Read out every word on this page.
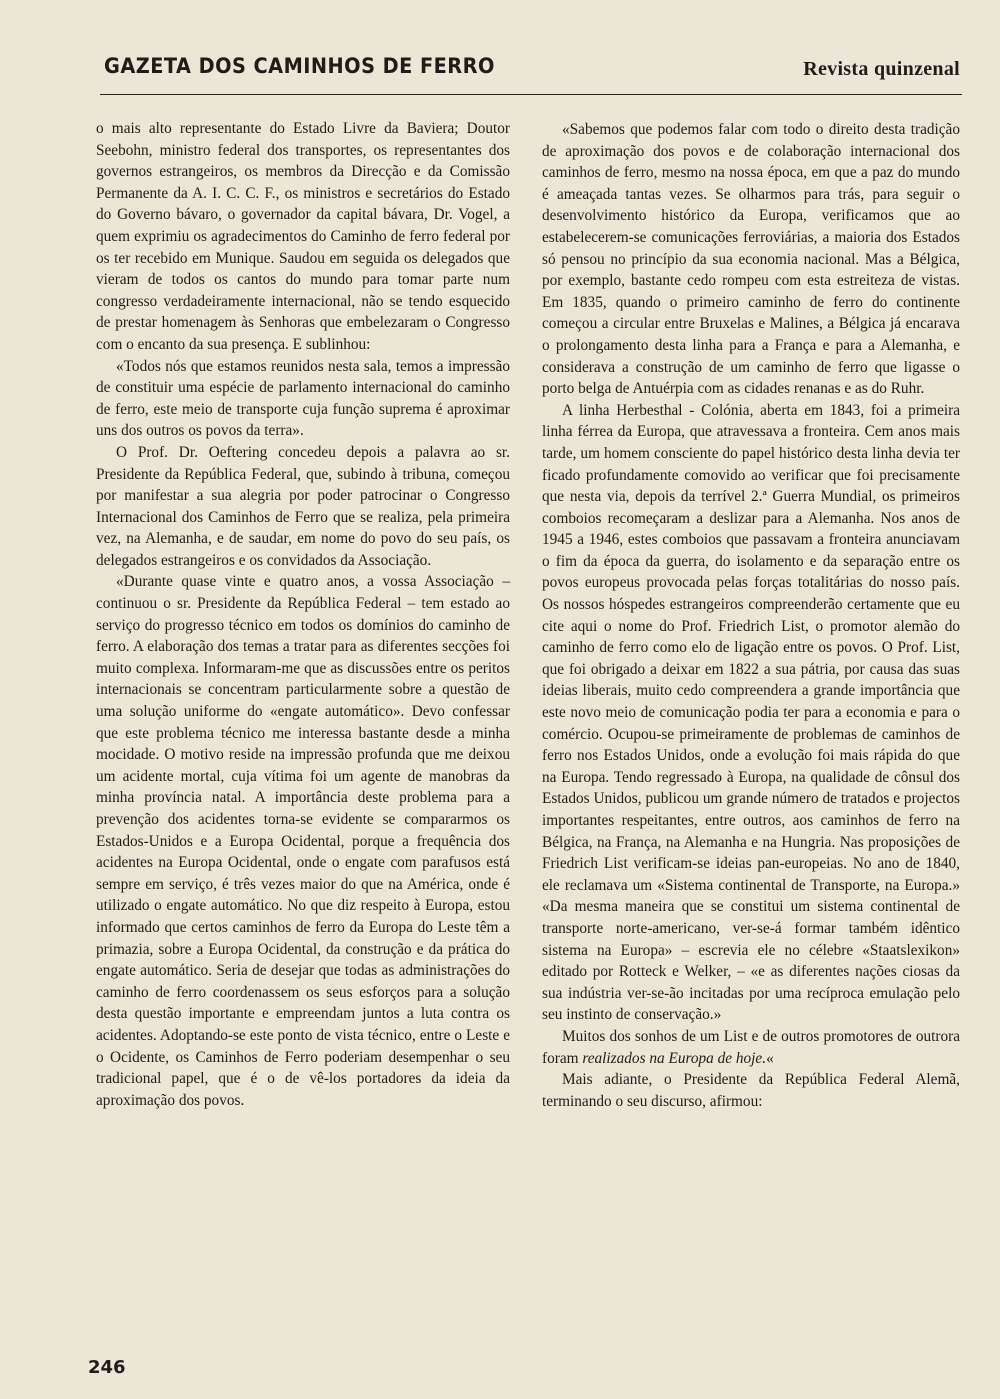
GAZETA DOS CAMINHOS DE FERRO	Revista quinzenal

o mais alto representante do Estado Livre da Baviera; Doutor Seebohn, ministro federal dos transportes, os representantes dos governos estrangeiros, os membros da Direcção e da Comissão Permanente da A. I. C. C. F., os ministros e secretários do Estado do Governo bávaro, o governador da capital bávara, Dr. Vogel, a quem exprimiu os agradecimentos do Caminho de ferro federal por os ter recebido em Munique. Saudou em seguida os delegados que vieram de todos os cantos do mundo para tomar parte num congresso verdadeiramente internacional, não se tendo esquecido de prestar homenagem às Senhoras que embelezaram o Congresso com o encanto da sua presença. E sublinhou:

«Todos nós que estamos reunidos nesta sala, temos a impressão de constituir uma espécie de parlamento internacional do caminho de ferro, este meio de transporte cuja função suprema é aproximar uns dos outros os povos da terra».

O Prof. Dr. Oeftering concedeu depois a palavra ao sr. Presidente da República Federal, que, subindo à tribuna, começou por manifestar a sua alegria por poder patrocinar o Congresso Internacional dos Caminhos de Ferro que se realiza, pela primeira vez, na Alemanha, e de saudar, em nome do povo do seu país, os delegados estrangeiros e os convidados da Associação.

«Durante quase vinte e quatro anos, a vossa Associação – continuou o sr. Presidente da República Federal – tem estado ao serviço do progresso técnico em todos os domínios do caminho de ferro. A elaboração dos temas a tratar para as diferentes secções foi muito complexa. Informaram-me que as discussões entre os peritos internacionais se concentram particularmente sobre a questão de uma solução uniforme do «engate automático». Devo confessar que este problema técnico me interessa bastante desde a minha mocidade. O motivo reside na impressão profunda que me deixou um acidente mortal, cuja vítima foi um agente de manobras da minha província natal. A importância deste problema para a prevenção dos acidentes torna-se evidente se compararmos os Estados-Unidos e a Europa Ocidental, porque a frequência dos acidentes na Europa Ocidental, onde o engate com parafusos está sempre em serviço, é três vezes maior do que na América, onde é utilizado o engate automático. No que diz respeito à Europa, estou informado que certos caminhos de ferro da Europa do Leste têm a primazia, sobre a Europa Ocidental, da construção e da prática do engate automático. Seria de desejar que todas as administrações do caminho de ferro coordenassem os seus esforços para a solução desta questão importante e empreendam juntos a luta contra os acidentes. Adoptando-se este ponto de vista técnico, entre o Leste e o Ocidente, os Caminhos de Ferro poderiam desempenhar o seu tradicional papel, que é o de vê-los portadores da ideia da aproximação dos povos.

«Sabemos que podemos falar com todo o direito desta tradição de aproximação dos povos e de colaboração internacional dos caminhos de ferro, mesmo na nossa época, em que a paz do mundo é ameaçada tantas vezes. Se olharmos para trás, para seguir o desenvolvimento histórico da Europa, verificamos que ao estabelecerem-se comunicações ferroviárias, a maioria dos Estados só pensou no princípio da sua economia nacional. Mas a Bélgica, por exemplo, bastante cedo rompeu com esta estreiteza de vistas. Em 1835, quando o primeiro caminho de ferro do continente começou a circular entre Bruxelas e Malines, a Bélgica já encarava o prolongamento desta linha para a França e para a Alemanha, e considerava a construção de um caminho de ferro que ligasse o porto belga de Antuérpia com as cidades renanas e as do Ruhr.

A linha Herbesthal - Colónia, aberta em 1843, foi a primeira linha férrea da Europa, que atravessava a fronteira. Cem anos mais tarde, um homem consciente do papel histórico desta linha devia ter ficado profundamente comovido ao verificar que foi precisamente que nesta via, depois da terrível 2.ª Guerra Mundial, os primeiros comboios recomeçaram a deslizar para a Alemanha. Nos anos de 1945 a 1946, estes comboios que passavam a fronteira anunciavam o fim da época da guerra, do isolamento e da separação entre os povos europeus provocada pelas forças totalitárias do nosso país. Os nossos hóspedes estrangeiros compreenderão certamente que eu cite aqui o nome do Prof. Friedrich List, o promotor alemão do caminho de ferro como elo de ligação entre os povos. O Prof. List, que foi obrigado a deixar em 1822 a sua pátria, por causa das suas ideias liberais, muito cedo compreendera a grande importância que este novo meio de comunicação podia ter para a economia e para o comércio. Ocupou-se primeiramente de problemas de caminhos de ferro nos Estados Unidos, onde a evolução foi mais rápida do que na Europa. Tendo regressado à Europa, na qualidade de cônsul dos Estados Unidos, publicou um grande número de tratados e projectos importantes respeitantes, entre outros, aos caminhos de ferro na Bélgica, na França, na Alemanha e na Hungria. Nas proposições de Friedrich List verificam-se ideias pan-europeias. No ano de 1840, ele reclamava um «Sistema continental de Transporte, na Europa.» «Da mesma maneira que se constitui um sistema continental de transporte norte-americano, ver-se-á formar também idêntico sistema na Europa» – escrevia ele no célebre «Staatslexikon» editado por Rotteck e Welker, – «e as diferentes nações ciosas da sua indústria ver-se-ão incitadas por uma recíproca emulação pelo seu instinto de conservação.»

Muitos dos sonhos de um List e de outros promotores de outrora foram realizados na Europa de hoje.«

Mais adiante, o Presidente da República Federal Alemã, terminando o seu discurso, afirmou:

246
